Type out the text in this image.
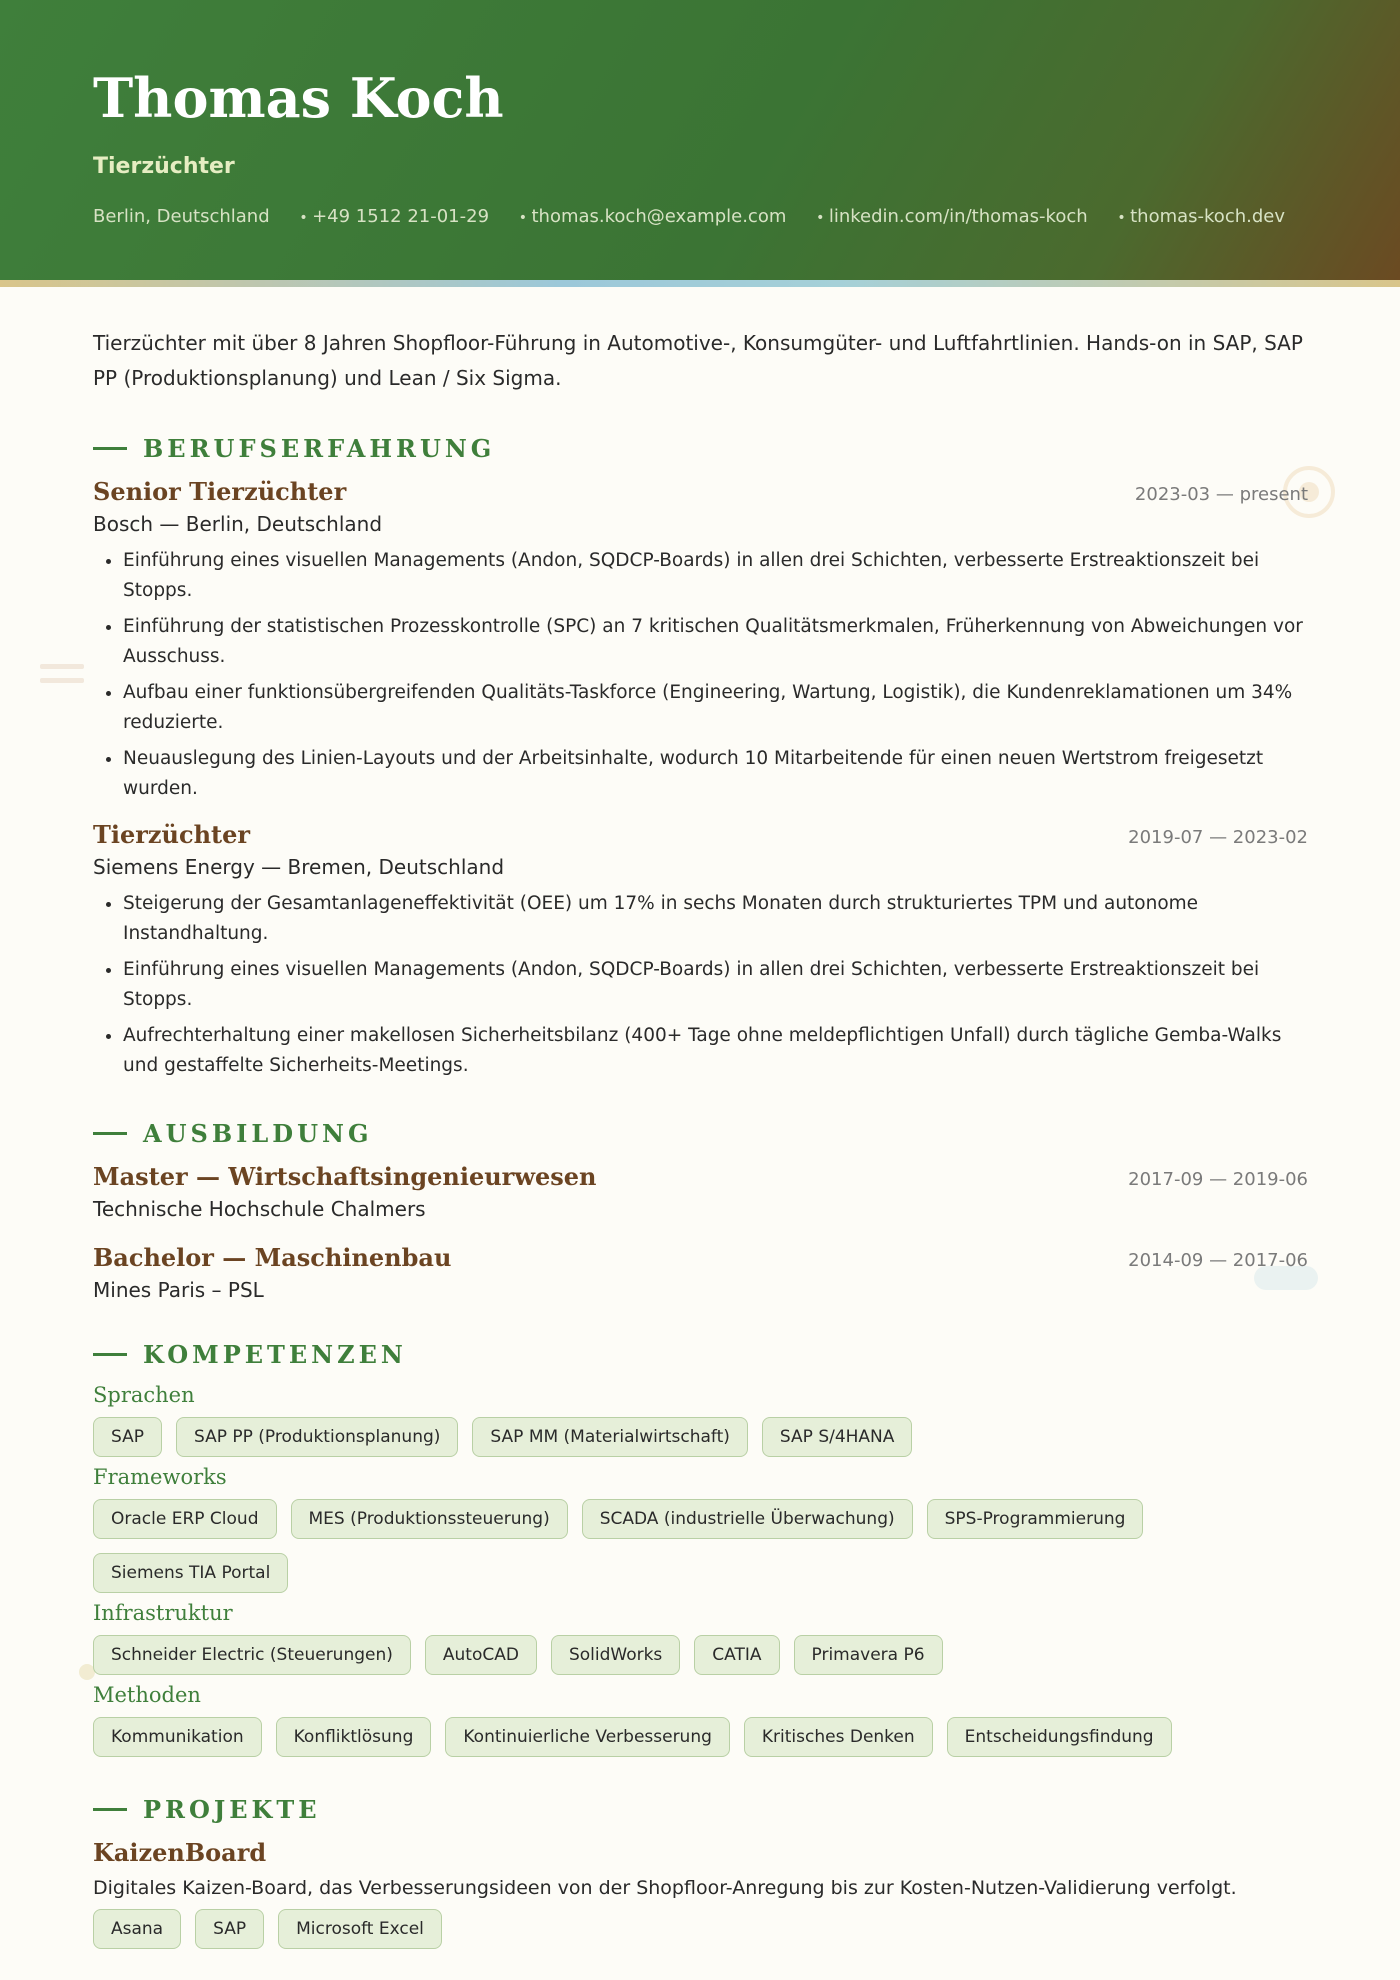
Thomas Koch
Tierzüchter
Berlin, Deutschland • +49 1512 21-01-29 • thomas.koch@example.com • linkedin.com/in/thomas-koch • thomas-koch.dev

Tierzüchter mit über 8 Jahren Shopfloor-Führung in Automotive-, Konsumgüter- und Luftfahrtlinien. Hands-on in SAP, SAP PP (Produktionsplanung) und Lean / Six Sigma.

BERUFSERFAHRUNG
Senior Tierzüchter	2023-03 — present
Bosch — Berlin, Deutschland
• Einführung eines visuellen Managements (Andon, SQDCP-Boards) in allen drei Schichten, verbesserte Erstreaktionszeit bei Stopps.
• Einführung der statistischen Prozesskontrolle (SPC) an 7 kritischen Qualitätsmerkmalen, Früherkennung von Abweichungen vor Ausschuss.
• Aufbau einer funktionsübergreifenden Qualitäts-Taskforce (Engineering, Wartung, Logistik), die Kundenreklamationen um 34% reduzierte.
• Neuauslegung des Linien-Layouts und der Arbeitsinhalte, wodurch 10 Mitarbeitende für einen neuen Wertstrom freigesetzt wurden.
Tierzüchter	2019-07 — 2023-02
Siemens Energy — Bremen, Deutschland
• Steigerung der Gesamtanlageneffektivität (OEE) um 17% in sechs Monaten durch strukturiertes TPM und autonome Instandhaltung.
• Einführung eines visuellen Managements (Andon, SQDCP-Boards) in allen drei Schichten, verbesserte Erstreaktionszeit bei Stopps.
• Aufrechterhaltung einer makellosen Sicherheitsbilanz (400+ Tage ohne meldepflichtigen Unfall) durch tägliche Gemba-Walks und gestaffelte Sicherheits-Meetings.
AUSBILDUNG
Master — Wirtschaftsingenieurwesen	2017-09 — 2019-06
Technische Hochschule Chalmers
Bachelor — Maschinenbau	2014-09 — 2017-06
Mines Paris – PSL
KOMPETENZEN
Sprachen
SAP	SAP PP (Produktionsplanung)	SAP MM (Materialwirtschaft)	SAP S/4HANA
Frameworks
Oracle ERP Cloud	MES (Produktionssteuerung)	SCADA (industrielle Überwachung)	SPS-Programmierung
Siemens TIA Portal
Infrastruktur
Schneider Electric (Steuerungen)	AutoCAD	SolidWorks	CATIA	Primavera P6
Methoden
Kommunikation	Konfliktlösung	Kontinuierliche Verbesserung	Kritisches Denken	Entscheidungsfindung
PROJEKTE
KaizenBoard
Digitales Kaizen-Board, das Verbesserungsideen von der Shopfloor-Anregung bis zur Kosten-Nutzen-Validierung verfolgt.
Asana	SAP	Microsoft Excel
